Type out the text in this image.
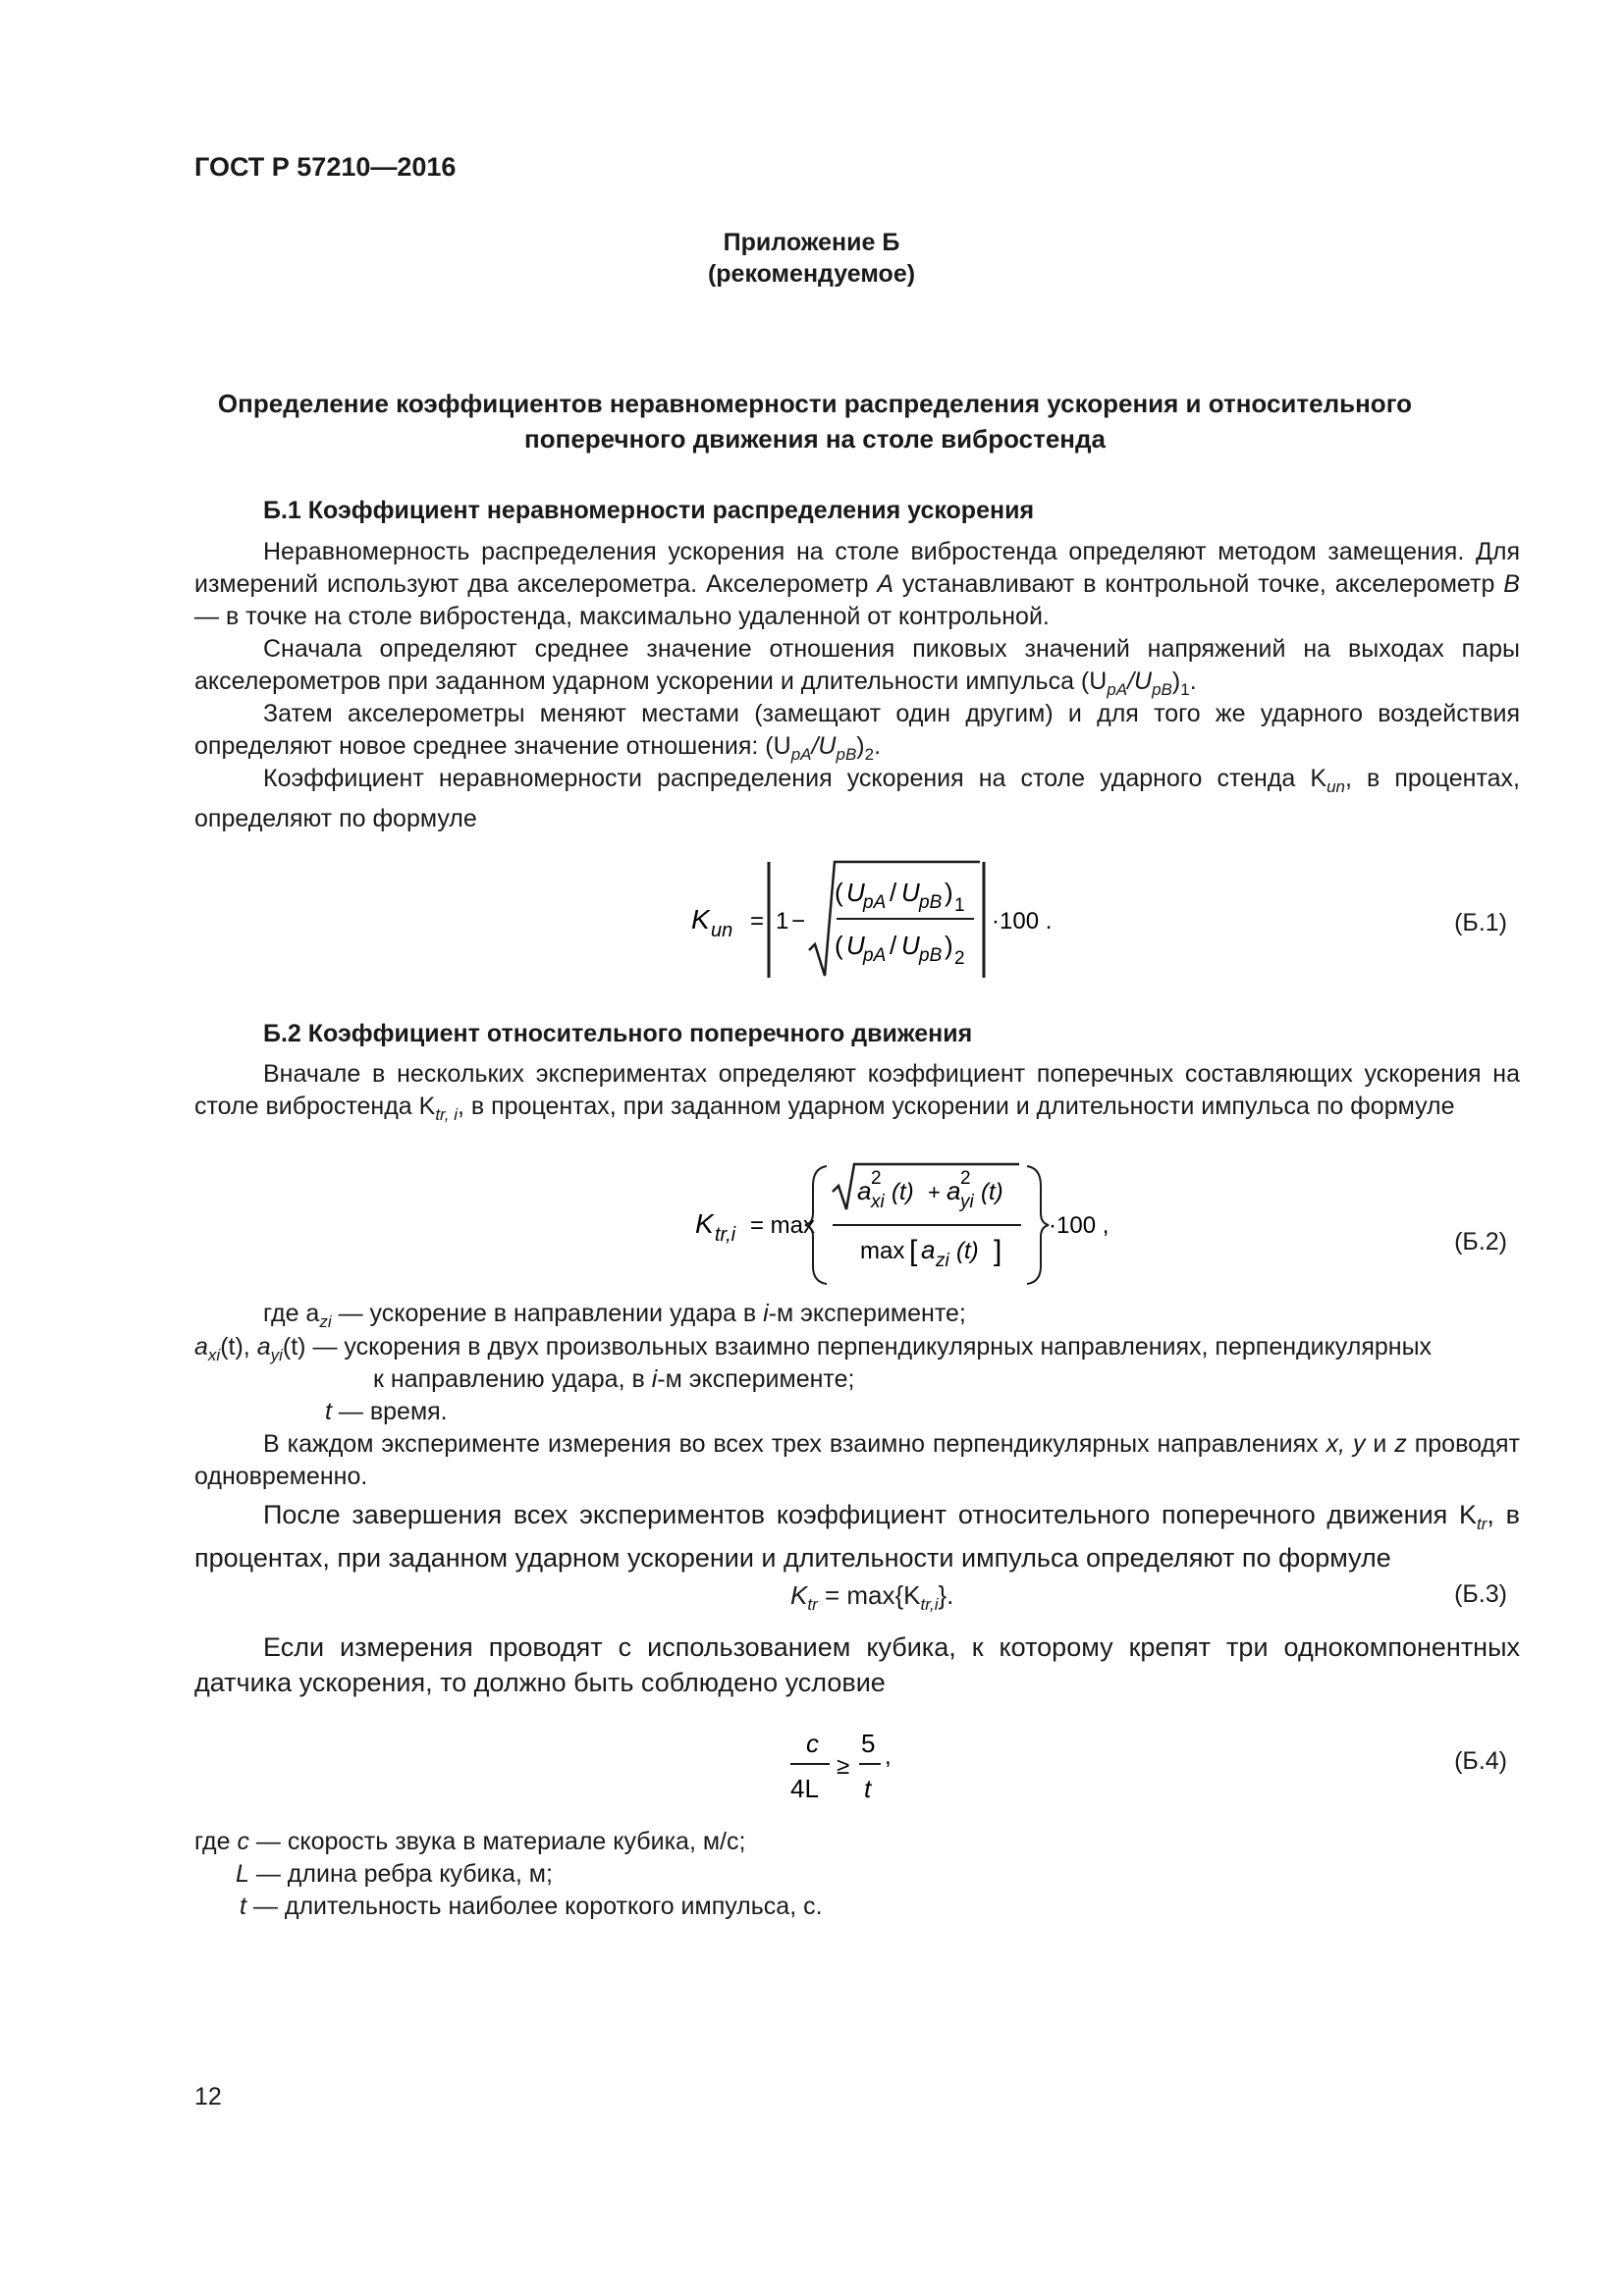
ГОСТ Р 57210—2016
Приложение Б
(рекомендуемое)
Определение коэффициентов неравномерности распределения ускорения и относительного
поперечного движения на столе вибростенда
Б.1 Коэффициент неравномерности распределения ускорения
Неравномерность распределения ускорения на столе вибростенда определяют методом замещения. Для измерений используют два акселерометра. Акселерометр A устанавливают в контрольной точке, акселерометр B — в точке на столе вибростенда, максимально удаленной от контрольной.
Сначала определяют среднее значение отношения пиковых значений напряжений на выходах пары акселерометров при заданном ударном ускорении и длительности импульса $(U_{pA}/U_{pB})_1$.
Затем акселерометры меняют местами (замещают один другим) и для того же ударного воздействия определяют новое среднее значение отношения: $(U_{pA}/U_{pB})_2$.
Коэффициент неравномерности распределения ускорения на столе ударного стенда $K_{un}$, в процентах, определяют по формуле
K un = 1 −
( U
pA / U pB ) 1
( U
pA / U pB ) 2
·100 .	(Б.1)
Б.2 Коэффициент относительного поперечного движения
Вначале в нескольких экспериментах определяют коэффициент поперечных составляющих ускорения на столе вибростенда $K_{tr, i}$, в процентах, при заданном ударном ускорении и длительности импульса по формуле
K tr,i = max
a 2
xi (t) + a 2
yi (t)
max [ a zi (t) ]
·100 ,
(Б.2)
где $a_{zi}$ — ускорение в направлении удара в i-м эксперименте;
$a_{xi}(t)$, $a_{yi}(t)$ — ускорения в двух произвольных взаимно перпендикулярных направлениях, перпендикулярных
к направлению удара, в i-м эксперименте;
t — время.
В каждом эксперименте измерения во всех трех взаимно перпендикулярных направлениях x, y и z проводят одновременно.
После завершения всех экспериментов коэффициент относительного поперечного движения $K_{tr}$, в процентах, при заданном ударном ускорении и длительности импульса определяют по формуле
$K_{tr} = \max\{K_{tr,i}\}$.	(Б.3)
Если измерения проводят с использованием кубика, к которому крепят три однокомпонентных датчика ускорения, то должно быть соблюдено условие
c
4L
≥
5
t
,	(Б.4)
где c — скорость звука в материале кубика, м/с;
L — длина ребра кубика, м;
t — длительность наиболее короткого импульса, с.
12
